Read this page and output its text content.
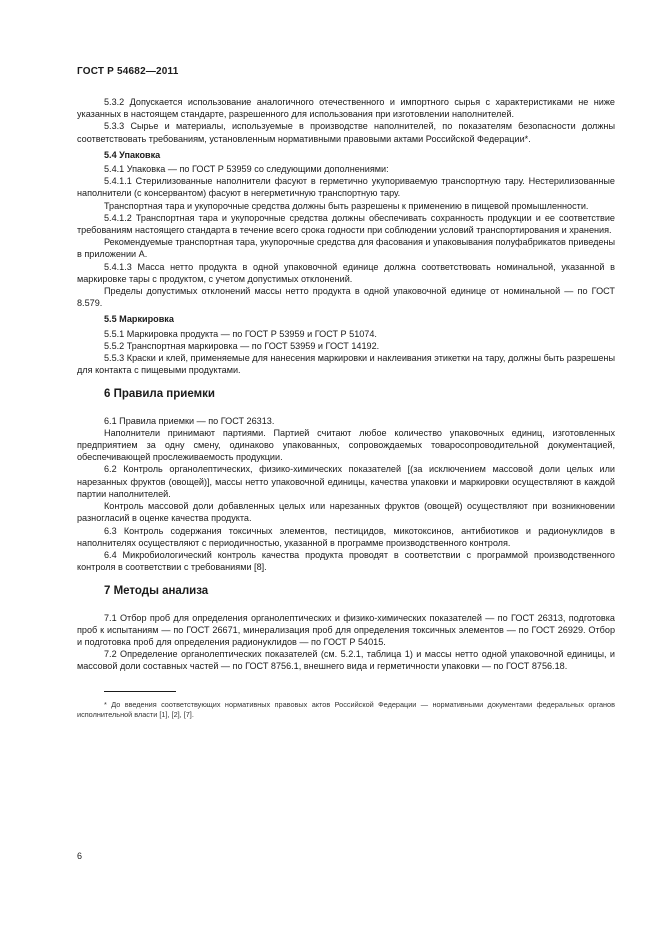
ГОСТ Р 54682—2011

5.3.2 Допускается использование аналогичного отечественного и импортного сырья с характеристиками не ниже указанных в настоящем стандарте, разрешенного для использования при изготовлении наполнителей.

5.3.3 Сырье и материалы, используемые в производстве наполнителей, по показателям безопасности должны соответствовать требованиям, установленным нормативными правовыми актами Российской Федерации*.

5.4 Упаковка

5.4.1 Упаковка — по ГОСТ Р 53959 со следующими дополнениями:

5.4.1.1 Стерилизованные наполнители фасуют в герметично укупориваемую транспортную тару. Нестерилизованные наполнители (с консервантом) фасуют в негерметичную транспортную тару.

Транспортная тара и укупорочные средства должны быть разрешены к применению в пищевой промышленности.

5.4.1.2 Транспортная тара и укупорочные средства должны обеспечивать сохранность продукции и ее соответствие требованиям настоящего стандарта в течение всего срока годности при соблюдении условий транспортирования и хранения.

Рекомендуемые транспортная тара, укупорочные средства для фасования и упаковывания полуфабрикатов приведены в приложении А.

5.4.1.3 Масса нетто продукта в одной упаковочной единице должна соответствовать номинальной, указанной в маркировке тары с продуктом, с учетом допустимых отклонений.

Пределы допустимых отклонений массы нетто продукта в одной упаковочной единице от номинальной — по ГОСТ 8.579.

5.5 Маркировка

5.5.1 Маркировка продукта — по ГОСТ Р 53959 и ГОСТ Р 51074.

5.5.2 Транспортная маркировка — по ГОСТ 53959 и ГОСТ 14192.

5.5.3 Краски и клей, применяемые для нанесения маркировки и наклеивания этикетки на тару, должны быть разрешены для контакта с пищевыми продуктами.

6 Правила приемки

6.1 Правила приемки — по ГОСТ 26313.

Наполнители принимают партиями. Партией считают любое количество упаковочных единиц, изготовленных предприятием за одну смену, одинаково упакованных, сопровождаемых товаросопроводительной документацией, обеспечивающей прослеживаемость продукции.

6.2 Контроль органолептических, физико-химических показателей [(за исключением массовой доли целых или нарезанных фруктов (овощей)], массы нетто упаковочной единицы, качества упаковки и маркировки осуществляют в каждой партии наполнителей.

Контроль массовой доли добавленных целых или нарезанных фруктов (овощей) осуществляют при возникновении разногласий в оценке качества продукта.

6.3 Контроль содержания токсичных элементов, пестицидов, микотоксинов, антибиотиков и радионуклидов в наполнителях осуществляют с периодичностью, указанной в программе производственного контроля.

6.4 Микробиологический контроль качества продукта проводят в соответствии с программой производственного контроля в соответствии с требованиями [8].

7 Методы анализа

7.1 Отбор проб для определения органолептических и физико-химических показателей — по ГОСТ 26313, подготовка проб к испытаниям — по ГОСТ 26671, минерализация проб для определения токсичных элементов — по ГОСТ 26929. Отбор и подготовка проб для определения радионуклидов — по ГОСТ Р 54015.

7.2 Определение органолептических показателей (см. 5.2.1, таблица 1) и массы нетто одной упаковочной единицы, и массовой доли составных частей — по ГОСТ 8756.1, внешнего вида и герметичности упаковки — по ГОСТ 8756.18.

* До введения соответствующих нормативных правовых актов Российской Федерации — нормативными документами федеральных органов исполнительной власти [1], [2], [7].

6
